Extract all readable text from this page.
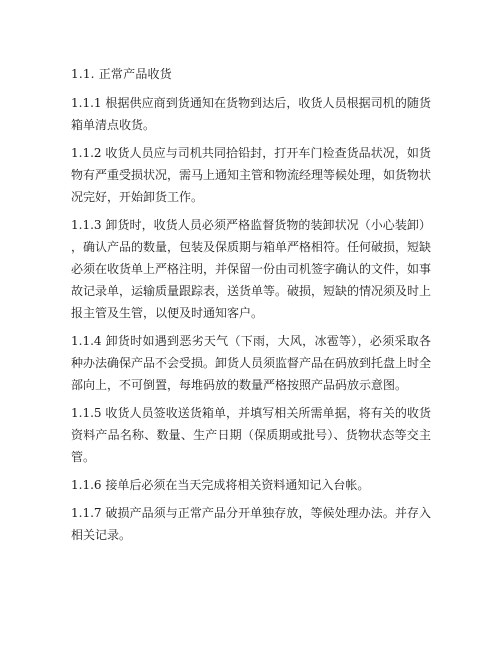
1.1. 正常产品收货
1.1.1 根据供应商到货通知在货物到达后，收货人员根据司机的随货
箱单清点收货。
1.1.2 收货人员应与司机共同拾铅封，打开车门检查货品状况，如货
物有严重受损状况，需马上通知主管和物流经理等候处理，如货物状
况完好，开始卸货工作。
1.1.3 卸货时，收货人员必须严格监督货物的装卸状况（小心装卸）
，确认产品的数量，包装及保质期与箱单严格相符。任何破损，短缺
必须在收货单上严格注明，并保留一份由司机签字确认的文件，如事
故记录单，运输质量跟踪表，送货单等。破损，短缺的情况须及时上
报主管及生管，以便及时通知客户。
1.1.4 卸货时如遇到恶劣天气（下雨，大风，冰雹等），必须采取各
种办法确保产品不会受损。卸货人员须监督产品在码放到托盘上时全
部向上，不可倒置，每堆码放的数量严格按照产品码放示意图。
1.1.5 收货人员签收送货箱单，并填写相关所需单据，将有关的收货
资料产品名称、数量、生产日期（保质期或批号）、货物状态等交主
管。
1.1.6 接单后必须在当天完成将相关资料通知记入台帐。
1.1.7 破损产品须与正常产品分开单独存放，等候处理办法。并存入
相关记录。
